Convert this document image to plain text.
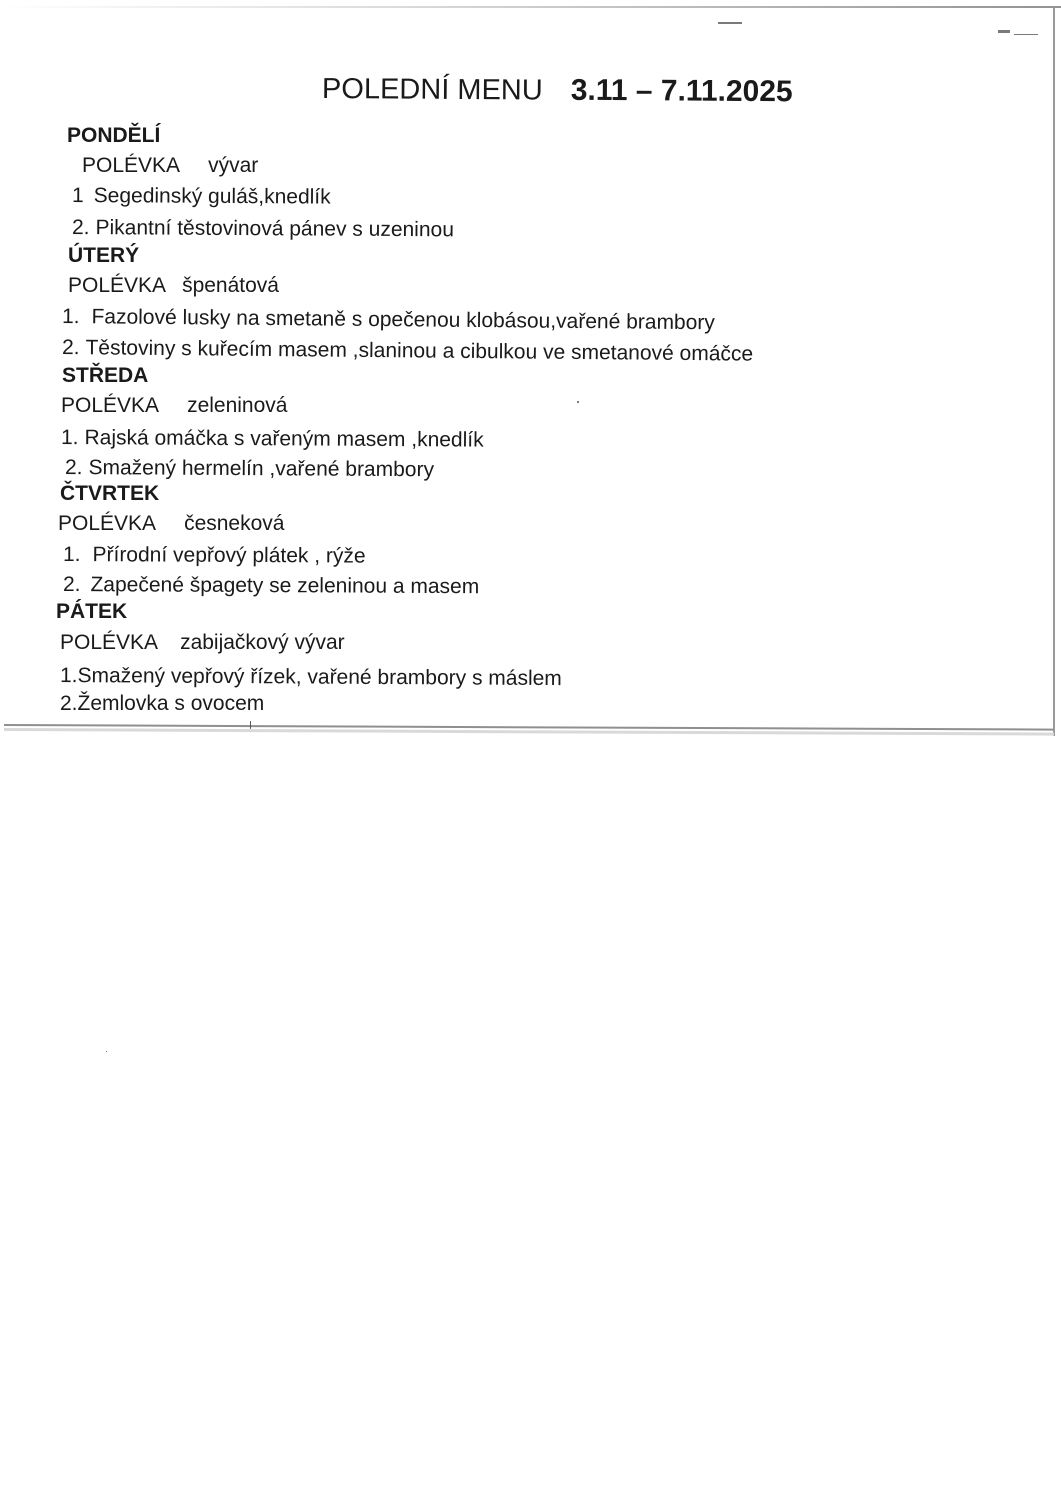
POLEDNÍ MENU 3.11 – 7.11.2025
PONDĚLÍ
POLÉVKA vývar
1 Segedinský guláš,knedlík
2. Pikantní těstovinová pánev s uzeninou
ÚTERÝ
POLÉVKA špenátová
1. Fazolové lusky na smetaně s opečenou klobásou,vařené brambory
2. Těstoviny s kuřecím masem ,slaninou a cibulkou ve smetanové omáčce
STŘEDA
POLÉVKA zeleninová
1. Rajská omáčka s vařeným masem ,knedlík
2. Smažený hermelín ,vařené brambory
ČTVRTEK
POLÉVKA česneková
1. Přírodní vepřový plátek , rýže
2. Zapečené špagety se zeleninou a masem
PÁTEK
POLÉVKA zabijačkový vývar
1.Smažený vepřový řízek, vařené brambory s máslem
2.Žemlovka s ovocem
